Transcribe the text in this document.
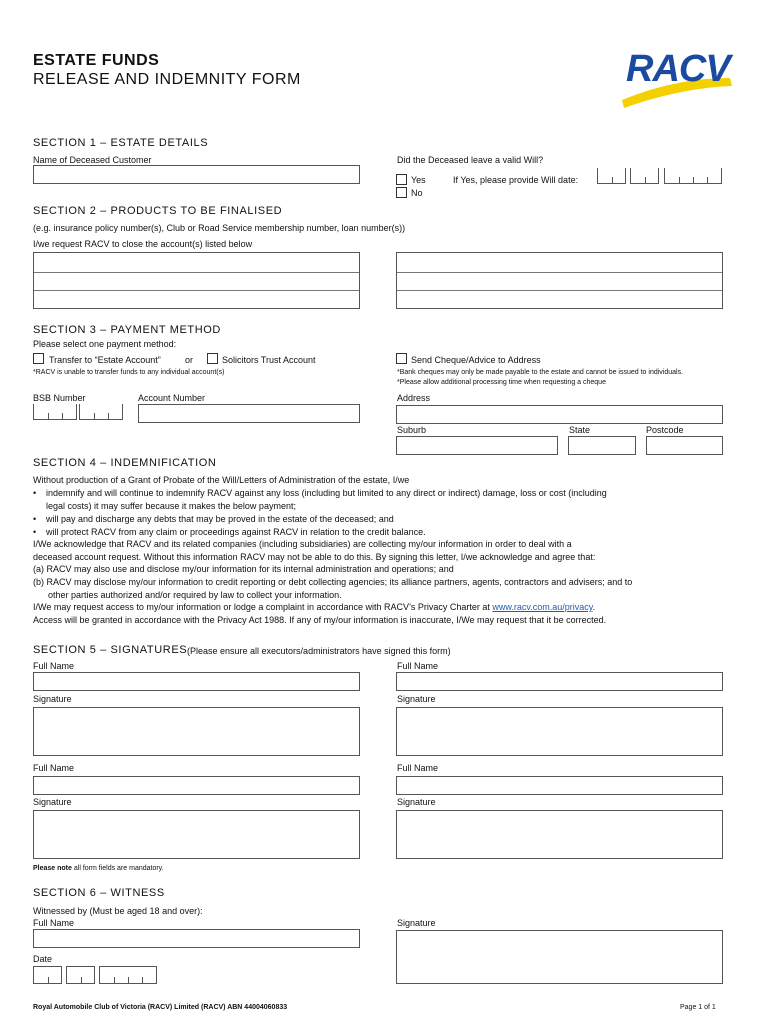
ESTATE FUNDS
RELEASE AND INDEMNITY FORM	RACV
SECTION 1 – ESTATE DETAILS
Name of Deceased Customer	Did the Deceased leave a valid Will?
Yes
No
If Yes, please provide Will date:
SECTION 2 – PRODUCTS TO BE FINALISED
(e.g. insurance policy number(s), Club or Road Service membership number, loan number(s))
I/we request RACV to close the account(s) listed below
SECTION 3 – PAYMENT METHOD
Please select one payment method:
Transfer to “Estate Account”	or	Solicitors Trust Account
*RACV is unable to transfer funds to any individual account(s)
Send Cheque/Advice to Address
*Bank cheques may only be made payable to the estate and cannot be issued to individuals.
*Please allow additional processing time when requesting a cheque
BSB Number	Account Number	Address
Suburb	State	Postcode
SECTION 4 – INDEMNIFICATION
Without production of a Grant of Probate of the Will/Letters of Administration of the estate, I/we
• indemnify and will continue to indemnify RACV against any loss (including but limited to any direct or indirect) damage, loss or cost (including
legal costs) it may suffer because it makes the below payment;
• will pay and discharge any debts that may be proved in the estate of the deceased; and
• will protect RACV from any claim or proceedings against RACV in relation to the credit balance.
I/We acknowledge that RACV and its related companies (including subsidiaries) are collecting my/our information in order to deal with a
deceased account request. Without this information RACV may not be able to do this. By signing this letter, I/we acknowledge and agree that:
(a) RACV may also use and disclose my/our information for its internal administration and operations; and
(b) RACV may disclose my/our information to credit reporting or debt collecting agencies; its alliance partners, agents, contractors and advisers; and to
other parties authorized and/or required by law to collect your information.
I/We may request access to my/our information or lodge a complaint in accordance with RACV’s Privacy Charter at www.racv.com.au/privacy.
Access will be granted in accordance with the Privacy Act 1988. If any of my/our information is inaccurate, I/We may request that it be corrected.
SECTION 5 – SIGNATURES (Please ensure all executors/administrators have signed this form)
Full Name	Full Name
Signature	Signature
Full Name	Full Name
Signature	Signature
Please note all form fields are mandatory.
SECTION 6 – WITNESS
Witnessed by (Must be aged 18 and over):
Full Name
Date
Signature
Royal Automobile Club of Victoria (RACV) Limited (RACV) ABN 44004060833	Page 1 of 1
